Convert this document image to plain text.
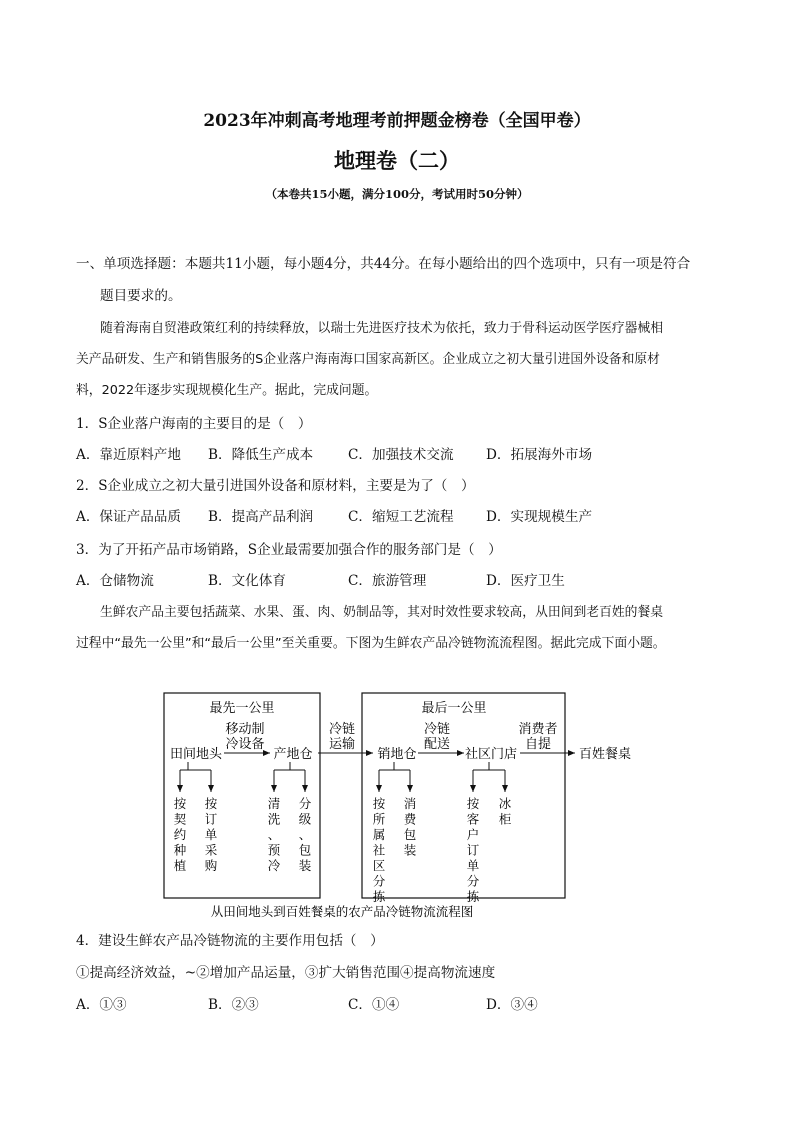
2023年冲刺高考地理考前押题金榜卷（全国甲卷）
地理卷（二）
（本卷共15小题，满分100分，考试用时50分钟）
一、单项选择题：本题共11小题，每小题4分，共44分。在每小题给出的四个选项中，只有一项是符合
题目要求的。
随着海南自贸港政策红利的持续释放，以瑞士先进医疗技术为依托，致力于骨科运动医学医疗器械相
关产品研发、生产和销售服务的S企业落户海南海口国家高新区。企业成立之初大量引进国外设备和原材
料，2022年逐步实现规模化生产。据此，完成问题。
1．S企业落户海南的主要目的是（　）
A．靠近原料产地 B．降低生产成本	C．加强技术交流 D．拓展海外市场
2．S企业成立之初大量引进国外设备和原材料，主要是为了（　）
A．保证产品品质 B．提高产品利润	C．缩短工艺流程 D．实现规模生产
3．为了开拓产品市场销路，S企业最需要加强合作的服务部门是（　）
A．仓储物流	B．文化体育	C．旅游管理	D．医疗卫生
生鲜农产品主要包括蔬菜、水果、蛋、肉、奶制品等，其对时效性要求较高，从田间到老百姓的餐桌
过程中“最先一公里”和“最后一公里”至关重要。下图为生鲜农产品冷链物流流程图。据此完成下面小题。
最先一公里	最后一公里
田间地头	产地仓	销地仓	社区门店	百姓餐桌
移动制
冷设备
冷链
运输
冷链
配送
消费者
自提
按契约种植
按订单采购
清洗、预冷
分级、包装
按所属社区分拣
消费包装
按客户订单分拣
冰柜
从田间地头到百姓餐桌的农产品冷链物流流程图
4．建设生鲜农产品冷链物流的主要作用包括（　）
①提高经济效益，~②增加产品运量，③扩大销售范围④提高物流速度
A．①③	B．②③	C．①④	D．③④
